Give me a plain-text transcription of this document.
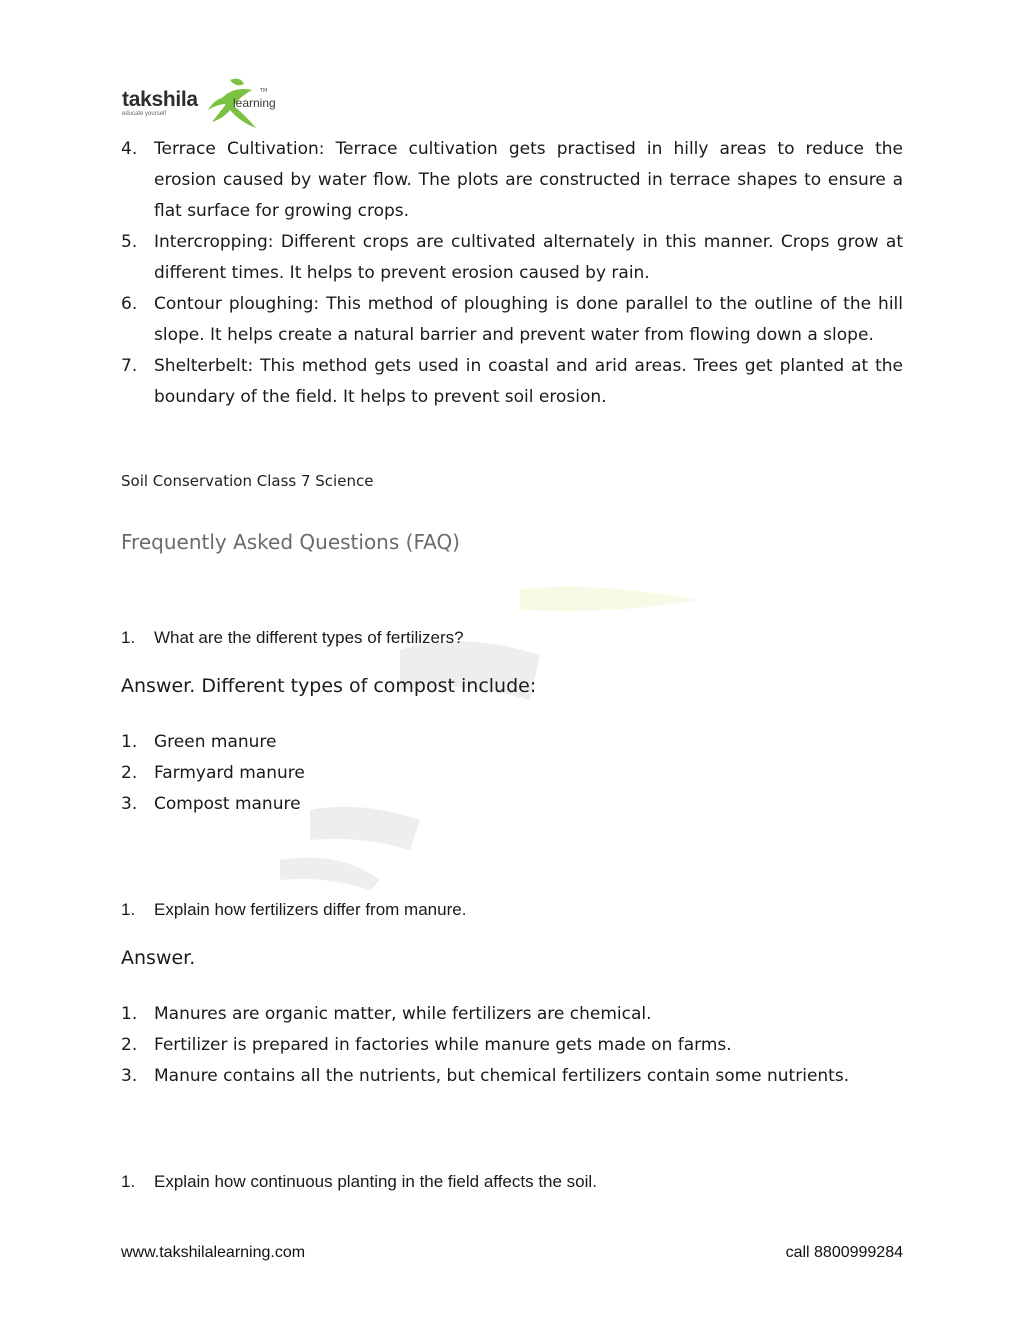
takshila	learning
TM
educate yourself
4. Terrace Cultivation: Terrace cultivation gets practised in hilly areas to reduce the erosion caused by water flow. The plots are constructed in terrace shapes to ensure a flat surface for growing crops.
5. Intercropping: Different crops are cultivated alternately in this manner. Crops grow at different times. It helps to prevent erosion caused by rain.
6. Contour ploughing: This method of ploughing is done parallel to the outline of the hill slope. It helps create a natural barrier and prevent water from flowing down a slope.
7. Shelterbelt: This method gets used in coastal and arid areas. Trees get planted at the boundary of the field. It helps to prevent soil erosion.

Soil Conservation Class 7 Science

Frequently Asked Questions (FAQ)

1. What are the different types of fertilizers?

Answer. Different types of compost include:

1. Green manure
2. Farmyard manure
3. Compost manure
1. Explain how fertilizers differ from manure.

Answer.

1. Manures are organic matter, while fertilizers are chemical.
2. Fertilizer is prepared in factories while manure gets made on farms.
3. Manure contains all the nutrients, but chemical fertilizers contain some nutrients.
1. Explain how continuous planting in the field affects the soil.
www.takshilalearning.com	call 8800999284
